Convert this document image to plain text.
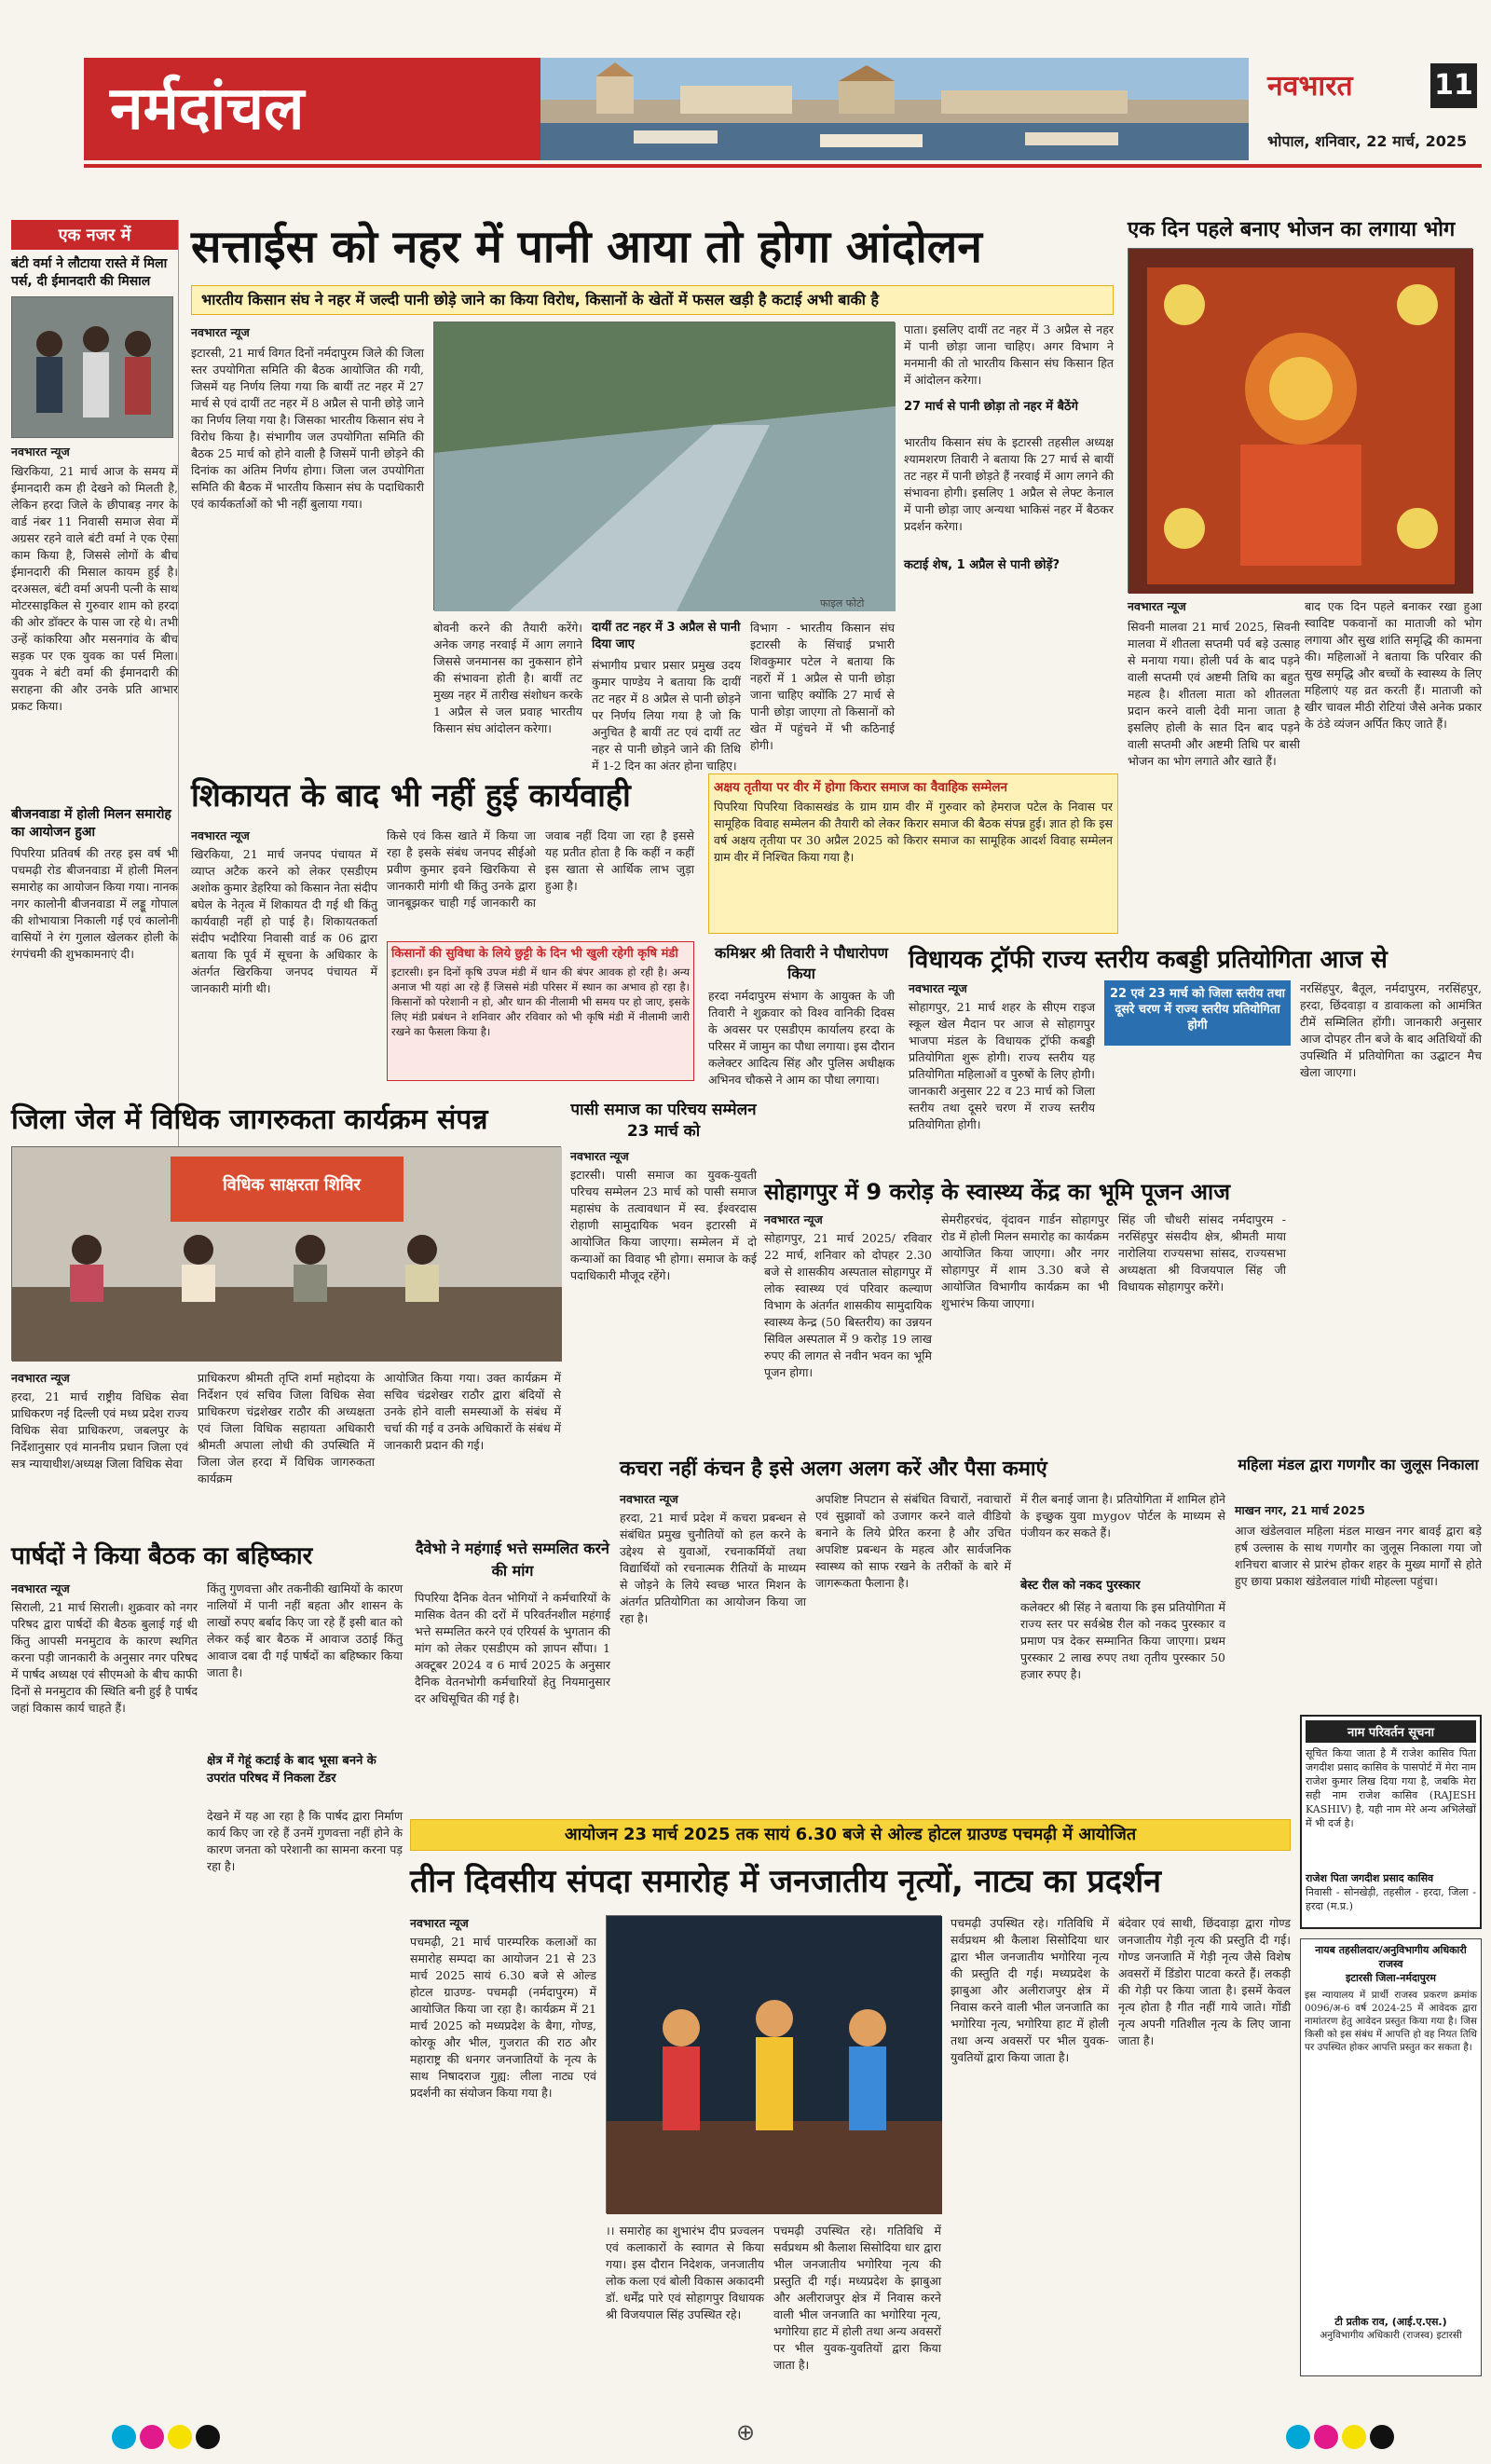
नर्मदांचल	नवभारत	11
भोपाल, शनिवार, 22 मार्च, 2025
एक नजर में
बंटी वर्मा ने लौटाया रास्ते में मिला पर्स, दी ईमानदारी की मिसाल
नवभारत न्यूज
खिरकिया, 21 मार्च आज के समय में ईमानदारी कम ही देखने को मिलती है, लेकिन हरदा जिले के छीपाबड़ नगर के वार्ड नंबर 11 निवासी समाज सेवा में अग्रसर रहने वाले बंटी वर्मा ने एक ऐसा काम किया है, जिससे लोगों के बीच ईमानदारी की मिसाल कायम हुई है। दरअसल, बंटी वर्मा अपनी पत्नी के साथ मोटरसाइकिल से गुरुवार शाम को हरदा की ओर डॉक्टर के पास जा रहे थे। तभी उन्हें कांकरिया और मसनगांव के बीच सड़क पर एक युवक का पर्स मिला। युवक ने बंटी वर्मा की ईमानदारी की सराहना की और उनके प्रति आभार प्रकट किया।
बीजनवाडा में होली मिलन समारोह का आयोजन हुआ
पिपरिया प्रतिवर्ष की तरह इस वर्ष भी पचमढ़ी रोड बीजनवाडा में होली मिलन समारोह का आयोजन किया गया। नानक नगर कालोनी बीजनवाडा में लड्डू गोपाल की शोभायात्रा निकाली गई एवं कालोनी वासियों ने रंग गुलाल खेलकर होली के रंगपंचमी की शुभकामनाएं दी।
सत्ताईस को नहर में पानी आया तो होगा आंदोलन
भारतीय किसान संघ ने नहर में जल्दी पानी छोड़े जाने का किया विरोध, किसानों के खेतों में फसल खड़ी है कटाई अभी बाकी है
नवभारत न्यूज
इटारसी, 21 मार्च विगत दिनों नर्मदापुरम जिले की जिला स्तर उपयोगिता समिति की बैठक आयोजित की गयी, जिसमें यह निर्णय लिया गया कि बायीं तट नहर में 27 मार्च से एवं दायीं तट नहर में 8 अप्रैल से पानी छोड़े जाने का निर्णय लिया गया है। जिसका भारतीय किसान संघ ने विरोध किया है। संभागीय जल उपयोगिता समिति की बैठक 25 मार्च को होने वाली है जिसमें पानी छोड़ने की दिनांक का अंतिम निर्णय होगा। जिला जल उपयोगिता समिति की बैठक में भारतीय किसान संघ के पदाधिकारी एवं कार्यकर्ताओं को भी नहीं बुलाया गया।
फाइल फोटो
बोवनी करने की तैयारी करेंगे। अनेक जगह नरवाई में आग लगाने जिससे जनमानस का नुकसान होने की संभावना होती है। बायीं तट मुख्य नहर में तारीख संशोधन करके 1 अप्रैल से जल प्रवाह भारतीय किसान संघ आंदोलन करेगा।
दायीं तट नहर में 3 अप्रैल से पानी दिया जाए
संभागीय प्रचार प्रसार प्रमुख उदय कुमार पाण्डेय ने बताया कि दायीं तट नहर में 8 अप्रैल से पानी छोड़ने पर निर्णय लिया गया है जो कि अनुचित है बायीं तट एवं दायीं तट नहर से पानी छोड़ने जाने की तिथि में 1-2 दिन का अंतर होना चाहिए।
विभाग - भारतीय किसान संघ इटारसी के सिंचाई प्रभारी शिवकुमार पटेल ने बताया कि नहरों में 1 अप्रैल से पानी छोड़ा जाना चाहिए क्योंकि 27 मार्च से पानी छोड़ा जाएगा तो किसानों को खेत में पहुंचने में भी कठिनाई होगी।
पाता। इसलिए दायीं तट नहर में 3 अप्रैल से नहर में पानी छोड़ा जाना चाहिए। अगर विभाग ने मनमानी की तो भारतीय किसान संघ किसान हित में आंदोलन करेगा।
27 मार्च से पानी छोड़ा तो नहर में बैठेंगे
भारतीय किसान संघ के इटारसी तहसील अध्यक्ष श्यामशरण तिवारी ने बताया कि 27 मार्च से बायीं तट नहर में पानी छोड़ते हैं नरवाई में आग लगने की संभावना होगी। इसलिए 1 अप्रैल से लेफ्ट केनाल में पानी छोड़ा जाए अन्यथा भाकिसं नहर में बैठकर प्रदर्शन करेगा।
कटाई शेष, 1 अप्रैल से पानी छोड़ें?
एक दिन पहले बनाए भोजन का लगाया भोग
नवभारत न्यूज
सिवनी मालवा 21 मार्च 2025, सिवनी मालवा में शीतला सप्तमी पर्व बड़े उत्साह से मनाया गया। होली पर्व के बाद पड़ने वाली सप्तमी एवं अष्टमी तिथि का बहुत महत्व है। शीतला माता को शीतलता प्रदान करने वाली देवी माना जाता है इसलिए होली के सात दिन बाद पड़ने वाली सप्तमी और अष्टमी तिथि पर बासी भोजन का भोग लगाते और खाते हैं।
बाद एक दिन पहले बनाकर रखा हुआ स्वादिष्ट पकवानों का माताजी को भोग लगाया और सुख शांति समृद्धि की कामना की। महिलाओं ने बताया कि परिवार की सुख समृद्धि और बच्चों के स्वास्थ्य के लिए महिलाएं यह व्रत करती हैं। माताजी को खीर चावल मीठी रोटियां जैसे अनेक प्रकार के ठंडे व्यंजन अर्पित किए जाते हैं।
शिकायत के बाद भी नहीं हुई कार्यवाही
नवभारत न्यूज
खिरकिया, 21 मार्च जनपद पंचायत में व्याप्त अटैक करने को लेकर एसडीएम अशोक कुमार डेहरिया को किसान नेता संदीप बघेल के नेतृत्व में शिकायत दी गई थी किंतु कार्यवाही नहीं हो पाई है। शिकायतकर्ता संदीप भदौरिया निवासी वार्ड क 06 द्वारा बताया कि पूर्व में सूचना के अधिकार के अंतर्गत खिरकिया जनपद पंचायत में जानकारी मांगी थी।
किसे एवं किस खाते में किया जा रहा है इसके संबंध जनपद सीईओ प्रवीण कुमार इवने खिरकिया से जानकारी मांगी थी किंतु उनके द्वारा जानबूझकर चाही गई जानकारी का जवाब नहीं दिया जा रहा है इससे यह प्रतीत होता है कि कहीं न कहीं इस खाता से आर्थिक लाभ जुड़ा हुआ है।
किसानों की सुविधा के लिये छुट्टी के दिन भी खुली रहेगी कृषि मंडी
इटारसी। इन दिनों कृषि उपज मंडी में धान की बंपर आवक हो रही है। अन्य अनाज भी यहां आ रहे हैं जिससे मंडी परिसर में स्थान का अभाव हो रहा है। किसानों को परेशानी न हो, और धान की नीलामी भी समय पर हो जाए, इसके लिए मंडी प्रबंधन ने शनिवार और रविवार को भी कृषि मंडी में नीलामी जारी रखने का फैसला किया है।
अक्षय तृतीया पर वीर में होगा किरार समाज का वैवाहिक सम्मेलन
पिपरिया पिपरिया विकासखंड के ग्राम ग्राम वीर में गुरुवार को हेमराज पटेल के निवास पर सामूहिक विवाह सम्मेलन की तैयारी को लेकर किरार समाज की बैठक संपन्न हुई। ज्ञात हो कि इस वर्ष अक्षय तृतीया पर 30 अप्रैल 2025 को किरार समाज का सामूहिक आदर्श विवाह सम्मेलन ग्राम वीर में निश्चित किया गया है।
कमिश्नर श्री तिवारी ने पौधारोपण किया
हरदा नर्मदापुरम संभाग के आयुक्त के जी तिवारी ने शुक्रवार को विश्व वानिकी दिवस के अवसर पर एसडीएम कार्यालय हरदा के परिसर में जामुन का पौधा लगाया। इस दौरान कलेक्टर आदित्य सिंह और पुलिस अधीक्षक अभिनव चौकसे ने आम का पौधा लगाया।
विधायक ट्रॉफी राज्य स्तरीय कबड्डी प्रतियोगिता आज से
नवभारत न्यूज
सोहागपुर, 21 मार्च शहर के सीएम राइज स्कूल खेल मैदान पर आज से सोहागपुर भाजपा मंडल के विधायक ट्रॉफी कबड्डी प्रतियोगिता शुरू होगी। राज्य स्तरीय यह प्रतियोगिता महिलाओं व पुरुषों के लिए होगी। जानकारी अनुसार 22 व 23 मार्च को जिला स्तरीय तथा दूसरे चरण में राज्य स्तरीय प्रतियोगिता होगी।
22 एवं 23 मार्च को जिला स्तरीय तथा दूसरे चरण में राज्य स्तरीय प्रतियोगिता होगी
नरसिंहपुर, बैतूल, नर्मदापुरम, नरसिंहपुर, हरदा, छिंदवाड़ा व डावाकला को आमंत्रित टीमें सम्मिलित होंगी। जानकारी अनुसार आज दोपहर तीन बजे के बाद अतिथियों की उपस्थिति में प्रतियोगिता का उद्घाटन मैच खेला जाएगा।
जिला जेल में विधिक जागरुकता कार्यक्रम संपन्न
विधिक साक्षरता शिविर
नवभारत न्यूज
हरदा, 21 मार्च राष्ट्रीय विधिक सेवा प्राधिकरण नई दिल्ली एवं मध्य प्रदेश राज्य विधिक सेवा प्राधिकरण, जबलपुर के निर्देशानुसार एवं माननीय प्रधान जिला एवं सत्र न्यायाधीश/अध्यक्ष जिला विधिक सेवा
प्राधिकरण श्रीमती तृप्ति शर्मा महोदया के निर्देशन एवं सचिव जिला विधिक सेवा प्राधिकरण चंद्रशेखर राठौर की अध्यक्षता एवं जिला विधिक सहायता अधिकारी श्रीमती अपाला लोधी की उपस्थिति में जिला जेल हरदा में विधिक जागरुकता कार्यक्रम
आयोजित किया गया। उक्त कार्यक्रम में सचिव चंद्रशेखर राठौर द्वारा बंदियों से उनके होने वाली समस्याओं के संबंध में चर्चा की गई व उनके अधिकारों के संबंध में जानकारी प्रदान की गई।
पासी समाज का परिचय सम्मेलन 23 मार्च को
नवभारत न्यूज
इटारसी। पासी समाज का युवक-युवती परिचय सम्मेलन 23 मार्च को पासी समाज महासंघ के तत्वावधान में स्व. ईश्वरदास रोहाणी सामुदायिक भवन इटारसी में आयोजित किया जाएगा। सम्मेलन में दो कन्याओं का विवाह भी होगा। समाज के कई पदाधिकारी मौजूद रहेंगे।
सोहागपुर में 9 करोड़ के स्वास्थ्य केंद्र का भूमि पूजन आज
नवभारत न्यूज
सोहागपुर, 21 मार्च 2025/ रविवार 22 मार्च, शनिवार को दोपहर 2.30 बजे से शासकीय अस्पताल सोहागपुर में लोक स्वास्थ्य एवं परिवार कल्याण विभाग के अंतर्गत शासकीय सामुदायिक स्वास्थ्य केन्द्र (50 बिस्तरीय) का उन्नयन सिविल अस्पताल में 9 करोड़ 19 लाख रुपए की लागत से नवीन भवन का भूमि पूजन होगा।
सेमरीहरचंद, वृंदावन गार्डन सोहागपुर रोड में होली मिलन समारोह का कार्यक्रम आयोजित किया जाएगा। और नगर सोहागपुर में शाम 3.30 बजे से आयोजित विभागीय कार्यक्रम का भी शुभारंभ किया जाएगा।
सिंह जी चौधरी सांसद नर्मदापुरम - नरसिंहपुर संसदीय क्षेत्र, श्रीमती माया नारोलिया राज्यसभा सांसद, राज्यसभा अध्यक्षता श्री विजयपाल सिंह जी विधायक सोहागपुर करेंगे।
पार्षदों ने किया बैठक का बहिष्कार
नवभारत न्यूज
सिराली, 21 मार्च सिराली। शुक्रवार को नगर परिषद द्वारा पार्षदों की बैठक बुलाई गई थी किंतु आपसी मनमुटाव के कारण स्थगित करना पड़ी जानकारी के अनुसार नगर परिषद में पार्षद अध्यक्ष एवं सीएमओ के बीच काफी दिनों से मनमुटाव की स्थिति बनी हुई है पार्षद जहां विकास कार्य चाहते हैं।
किंतु गुणवत्ता और तकनीकी खामियों के कारण नालियों में पानी नहीं बहता और शासन के लाखों रुपए बर्बाद किए जा रहे हैं इसी बात को लेकर कई बार बैठक में आवाज उठाई किंतु आवाज दबा दी गई पार्षदों का बहिष्कार किया जाता है।
क्षेत्र में गेहूं कटाई के बाद भूसा बनने के उपरांत परिषद में निकला टेंडर
देखने में यह आ रहा है कि पार्षद द्वारा निर्माण कार्य किए जा रहे हैं उनमें गुणवत्ता नहीं होने के कारण जनता को परेशानी का सामना करना पड़ रहा है।
दैवेभो ने महंगाई भत्ते सम्मलित करने की मांग
पिपरिया दैनिक वेतन भोगियों ने कर्मचारियों के मासिक वेतन की दरों में परिवर्तनशील महंगाई भत्ते सम्मलित करने एवं एरियर्स के भुगतान की मांग को लेकर एसडीएम को ज्ञापन सौंपा। 1 अक्टूबर 2024 व 6 मार्च 2025 के अनुसार दैनिक वेतनभोगी कर्मचारियों हेतु नियमानुसार दर अधिसूचित की गई है।
कचरा नहीं कंचन है इसे अलग अलग करें और पैसा कमाएं
नवभारत न्यूज
हरदा, 21 मार्च प्रदेश में कचरा प्रबन्धन से संबंधित प्रमुख चुनौतियों को हल करने के उद्देश्य से युवाओं, रचनाकर्मियों तथा विद्यार्थियों को रचनात्मक रीतियों के माध्यम से जोड़ने के लिये स्वच्छ भारत मिशन के अंतर्गत प्रतियोगिता का आयोजन किया जा रहा है।
अपशिष्ट निपटान से संबंधित विचारों, नवाचारों एवं सुझावों को उजागर करने वाले वीडियो बनाने के लिये प्रेरित करना है और उचित अपशिष्ट प्रबन्धन के महत्व और सार्वजनिक स्वास्थ्य को साफ रखने के तरीकों के बारे में जागरूकता फैलाना है।
में रील बनाई जाना है। प्रतियोगिता में शामिल होने के इच्छुक युवा mygov पोर्टल के माध्यम से पंजीयन कर सकते हैं।
बेस्ट रील को नकद पुरस्कार
कलेक्टर श्री सिंह ने बताया कि इस प्रतियोगिता में राज्य स्तर पर सर्वश्रेष्ठ रील को नकद पुरस्कार व प्रमाण पत्र देकर सम्मानित किया जाएगा। प्रथम पुरस्कार 2 लाख रुपए तथा तृतीय पुरस्कार 50 हजार रुपए है।
महिला मंडल द्वारा गणगौर का जुलूस निकाला
माखन नगर, 21 मार्च 2025
आज खंडेलवाल महिला मंडल माखन नगर बावई द्वारा बड़े हर्ष उल्लास के साथ गणगौर का जुलूस निकाला गया जो शनिचरा बाजार से प्रारंभ होकर शहर के मुख्य मार्गों से होते हुए छाया प्रकाश खंडेलवाल गांधी मोहल्ला पहुंचा।
नाम परिवर्तन सूचना
सूचित किया जाता है मैं राजेश कासिव पिता जगदीश प्रसाद कासिव के पासपोर्ट में मेरा नाम राजेश कुमार लिख दिया गया है, जबकि मेरा सही नाम राजेश कासिव (RAJESH KASHIV) है, यही नाम मेरे अन्य अभिलेखों में भी दर्ज है।
राजेश पिता जगदीश प्रसाद कासिव
निवासी - सोनखेड़ी, तहसील - हरदा, जिला - हरदा (म.प्र.)
नायब तहसीलदार/अनुविभागीय अधिकारी राजस्व
इटारसी जिला-नर्मदापुरम
इस न्यायालय में प्रार्थी राजस्व प्रकरण क्रमांक 0096/अ-6 वर्ष 2024-25 में आवेदक द्वारा नामांतरण हेतु आवेदन प्रस्तुत किया गया है। जिस किसी को इस संबंध में आपत्ति हो वह नियत तिथि पर उपस्थित होकर आपत्ति प्रस्तुत कर सकता है।
टी प्रतीक राव, (आई.ए.एस.)
अनुविभागीय अधिकारी (राजस्व) इटारसी
आयोजन 23 मार्च 2025 तक सायं 6.30 बजे से ओल्ड होटल ग्राउण्ड पचमढ़ी में आयोजित
तीन दिवसीय संपदा समारोह में जनजातीय नृत्यों, नाट्य का प्रदर्शन
नवभारत न्यूज
पचमढ़ी, 21 मार्च पारम्परिक कलाओं का समारोह सम्पदा का आयोजन 21 से 23 मार्च 2025 सायं 6.30 बजे से ओल्ड होटल ग्राउण्ड- पचमढ़ी (नर्मदापुरम) में आयोजित किया जा रहा है। कार्यक्रम में 21 मार्च 2025 को मध्यप्रदेश के बैगा, गोण्ड, कोरकू और भील, गुजरात की राठ और महाराष्ट्र की धनगर जनजातियों के नृत्य के साथ निषादराज गुह्य: लीला नाट्य एवं प्रदर्शनी का संयोजन किया गया है।
।। समारोह का शुभारंभ दीप प्रज्वलन एवं कलाकारों के स्वागत से किया गया। इस दौरान निदेशक, जनजातीय लोक कला एवं बोली विकास अकादमी डॉ. धर्मेंद्र पारे एवं सोहागपुर विधायक श्री विजयपाल सिंह उपस्थित रहे।
पचमढ़ी उपस्थित रहे। गतिविधि में सर्वप्रथम श्री कैलाश सिसोदिया धार द्वारा भील जनजातीय भगोरिया नृत्य की प्रस्तुति दी गई। मध्यप्रदेश के झाबुआ और अलीराजपुर क्षेत्र में निवास करने वाली भील जनजाति का भगोरिया नृत्य, भगोरिया हाट में होली तथा अन्य अवसरों पर भील युवक-युवतियों द्वारा किया जाता है।
पचमढ़ी उपस्थित रहे। गतिविधि में सर्वप्रथम श्री कैलाश सिसोदिया धार द्वारा भील जनजातीय भगोरिया नृत्य की प्रस्तुति दी गई। मध्यप्रदेश के झाबुआ और अलीराजपुर क्षेत्र में निवास करने वाली भील जनजाति का भगोरिया नृत्य, भगोरिया हाट में होली तथा अन्य अवसरों पर भील युवक-युवतियों द्वारा किया जाता है।
बंदेवार एवं साथी, छिंदवाड़ा द्वारा गोण्ड जनजातीय गेड़ी नृत्य की प्रस्तुति दी गई। गोण्ड जनजाति में गेड़ी नृत्य जैसे विशेष अवसरों में डिंडोरा पाटवा करते हैं। लकड़ी की गेड़ी पर किया जाता है। इसमें केवल नृत्य होता है गीत नहीं गाये जाते। गोंडी नृत्य अपनी गतिशील नृत्य के लिए जाना जाता है।
⊕
